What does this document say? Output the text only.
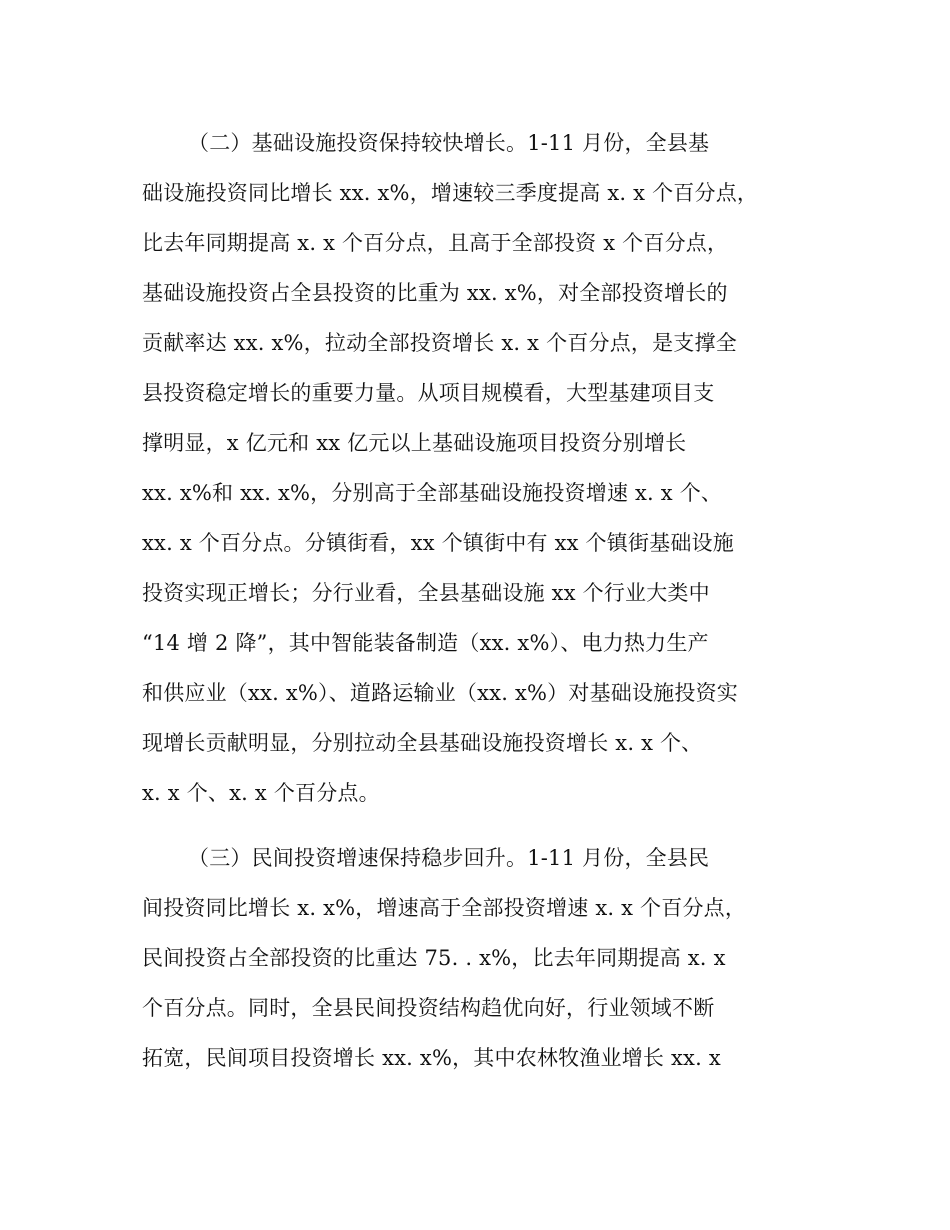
（二）基础设施投资保持较快增长。1-11 月份，全县基
础设施投资同比增长 xx. x%，增速较三季度提高 x. x 个百分点，
比去年同期提高 x. x 个百分点，且高于全部投资 x 个百分点，
基础设施投资占全县投资的比重为 xx. x%，对全部投资增长的
贡献率达 xx. x%，拉动全部投资增长 x. x 个百分点，是支撑全
县投资稳定增长的重要力量。从项目规模看，大型基建项目支
撑明显，x 亿元和 xx 亿元以上基础设施项目投资分别增长
xx. x%和 xx. x%，分别高于全部基础设施投资增速 x. x 个、
xx. x 个百分点。分镇街看，xx 个镇街中有 xx 个镇街基础设施
投资实现正增长；分行业看，全县基础设施 xx 个行业大类中
“14 增 2 降”，其中智能装备制造（xx. x%）、电力热力生产
和供应业（xx. x%）、道路运输业（xx. x%）对基础设施投资实
现增长贡献明显，分别拉动全县基础设施投资增长 x. x 个、
x. x 个、x. x 个百分点。
（三）民间投资增速保持稳步回升。1-11 月份，全县民
间投资同比增长 x. x%，增速高于全部投资增速 x. x 个百分点，
民间投资占全部投资的比重达 75. . x%，比去年同期提高 x. x
个百分点。同时，全县民间投资结构趋优向好，行业领域不断
拓宽，民间项目投资增长 xx. x%，其中农林牧渔业增长 xx. x
